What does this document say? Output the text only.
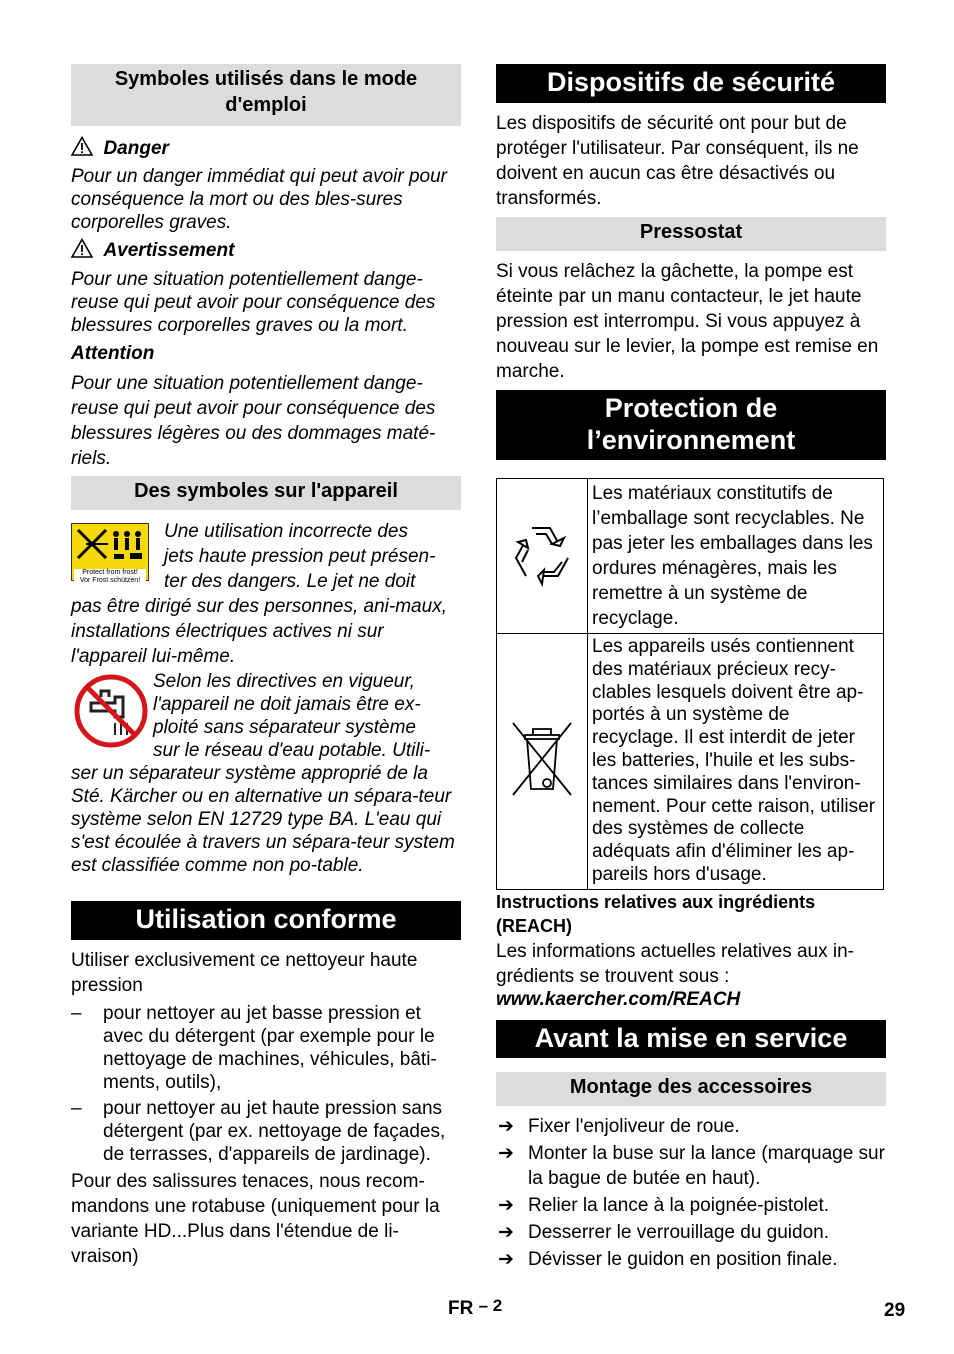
Symboles utilisés dans le mode d'emploi
Danger

Pour un danger immédiat qui peut avoir pour conséquence la mort ou des bles-sures corporelles graves.

Avertissement

Pour une situation potentiellement dange-reuse qui peut avoir pour conséquence des blessures corporelles graves ou la mort.

Attention

Pour une situation potentiellement dange-reuse qui peut avoir pour conséquence des blessures légères ou des dommages maté-riels.

Des symboles sur l'appareil
Protect from frost!
Vor Frost schützen!
Une utilisation incorrecte des
jets haute pression peut présen-
ter des dangers. Le jet ne doit

pas être dirigé sur des personnes, ani-maux, installations électriques actives ni sur l'appareil lui-même.

Selon les directives en vigueur,
l'appareil ne doit jamais être ex-
ploité sans séparateur système
sur le réseau d'eau potable. Utili-

ser un séparateur système approprié de la Sté. Kärcher ou en alternative un sépara-teur système selon EN 12729 type BA. L'eau qui s'est écoulée à travers un sépara-teur system est classifiée comme non po-table.

Utilisation conforme

Utiliser exclusivement ce nettoyeur haute pression

– pour nettoyer au jet basse pression et avec du détergent (par exemple pour le nettoyage de machines, véhicules, bâti-ments, outils),
– pour nettoyer au jet haute pression sans détergent (par ex. nettoyage de façades, de terrasses, d'appareils de jardinage).

Pour des salissures tenaces, nous recom-mandons une rotabuse (uniquement pour la variante HD...Plus dans l'étendue de li-vraison)

Dispositifs de sécurité

Les dispositifs de sécurité ont pour but de protéger l'utilisateur. Par conséquent, ils ne doivent en aucun cas être désactivés ou transformés.

Pressostat

Si vous relâchez la gâchette, la pompe est éteinte par un manu contacteur, le jet haute pression est interrompu. Si vous appuyez à nouveau sur le levier, la pompe est remise en marche.

Protection de
l’environnement
	Les matériaux constitutifs de l’emballage sont recyclables. Ne pas jeter les emballages dans les ordures ménagères, mais les remettre à un système de recyclage.
	Les appareils usés contiennent des matériaux précieux recy-clables lesquels doivent être ap-portés à un système de recyclage. Il est interdit de jeter les batteries, l'huile et les subs-tances similaires dans l'environ-nement. Pour cette raison, utiliser des systèmes de collecte adéquats afin d'éliminer les ap-pareils hors d'usage.
Instructions relatives aux ingrédients (REACH)

Les informations actuelles relatives aux in-grédients se trouvent sous :

www.kaercher.com/REACH
Avant la mise en service
Montage des accessoires
➔ Fixer l'enjoliveur de roue.
➔ Monter la buse sur la lance (marquage sur la bague de butée en haut).
➔ Relier la lance à la poignée-pistolet.
➔ Desserrer le verrouillage du guidon.
➔ Dévisser le guidon en position finale.
FR – 2	29
